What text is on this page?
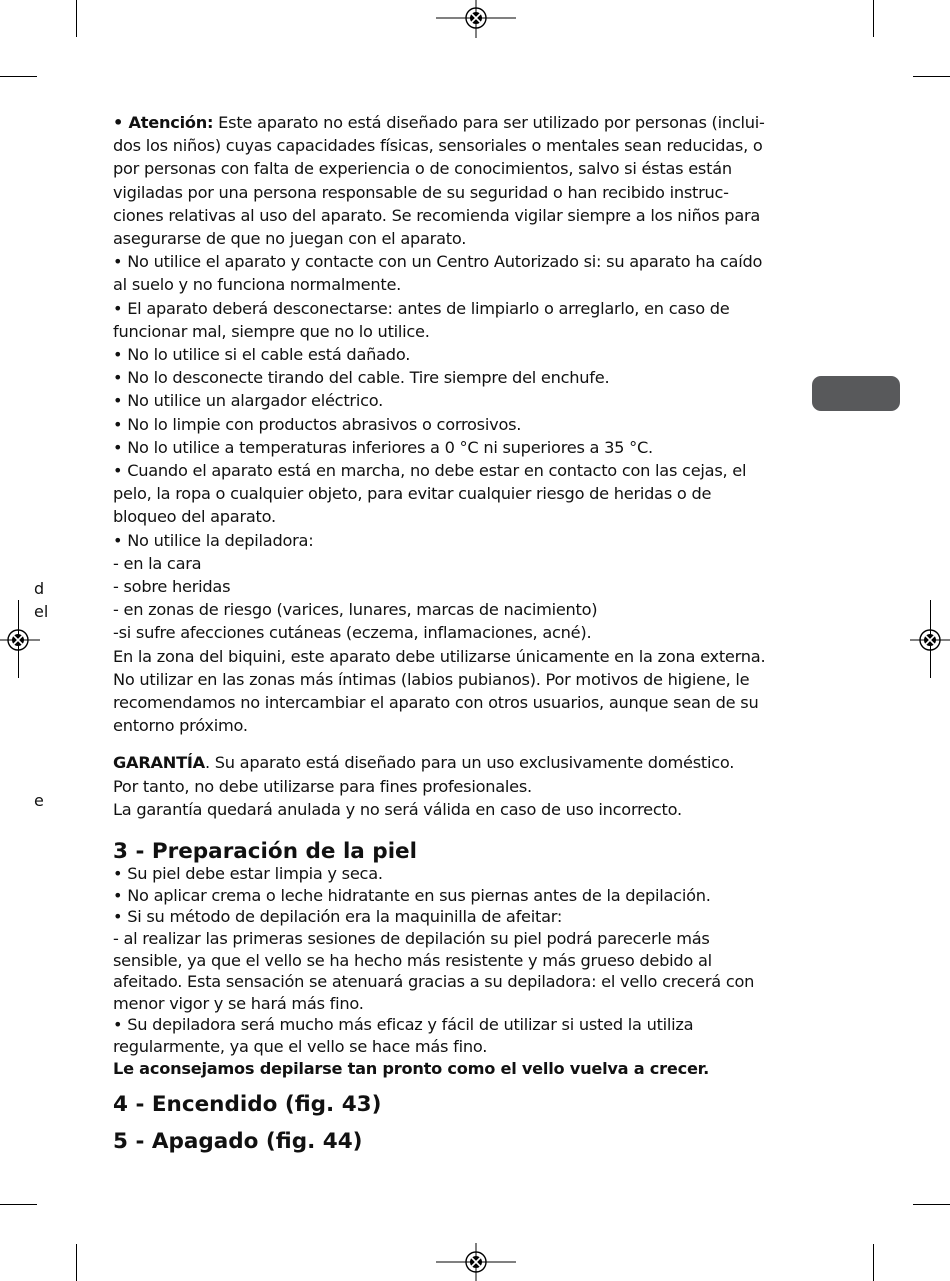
d
el
e

• Atención: Este aparato no está diseñado para ser utilizado por personas (inclui-

dos los niños) cuyas capacidades físicas, sensoriales o mentales sean reducidas, o

por personas con falta de experiencia o de conocimientos, salvo si éstas están

vigiladas por una persona responsable de su seguridad o han recibido instruc-

ciones relativas al uso del aparato. Se recomienda vigilar siempre a los niños para

asegurarse de que no juegan con el aparato.

• No utilice el aparato y contacte con un Centro Autorizado si: su aparato ha caído

al suelo y no funciona normalmente.

• El aparato deberá desconectarse: antes de limpiarlo o arreglarlo, en caso de

funcionar mal, siempre que no lo utilice.

• No lo utilice si el cable está dañado.

• No lo desconecte tirando del cable. Tire siempre del enchufe.

• No utilice un alargador eléctrico.

• No lo limpie con productos abrasivos o corrosivos.

• No lo utilice a temperaturas inferiores a 0 °C ni superiores a 35 °C.

• Cuando el aparato está en marcha, no debe estar en contacto con las cejas, el

pelo, la ropa o cualquier objeto, para evitar cualquier riesgo de heridas o de

bloqueo del aparato.

• No utilice la depiladora:

- en la cara

- sobre heridas

- en zonas de riesgo (varices, lunares, marcas de nacimiento)

-si sufre afecciones cutáneas (eczema, inflamaciones, acné).

En la zona del biquini, este aparato debe utilizarse únicamente en la zona externa.

No utilizar en las zonas más íntimas (labios pubianos). Por motivos de higiene, le

recomendamos no intercambiar el aparato con otros usuarios, aunque sean de su

entorno próximo.

GARANTÍA. Su aparato está diseñado para un uso exclusivamente doméstico.

Por tanto, no debe utilizarse para fines profesionales.

La garantía quedará anulada y no será válida en caso de uso incorrecto.

3 - Preparación de la piel

• Su piel debe estar limpia y seca.

• No aplicar crema o leche hidratante en sus piernas antes de la depilación.

• Si su método de depilación era la maquinilla de afeitar:

- al realizar las primeras sesiones de depilación su piel podrá parecerle más

sensible, ya que el vello se ha hecho más resistente y más grueso debido al

afeitado. Esta sensación se atenuará gracias a su depiladora: el vello crecerá con

menor vigor y se hará más fino.

• Su depiladora será mucho más eficaz y fácil de utilizar si usted la utiliza

regularmente, ya que el vello se hace más fino.

Le aconsejamos depilarse tan pronto como el vello vuelva a crecer.

4 - Encendido (fig. 43)
5 - Apagado (fig. 44)
